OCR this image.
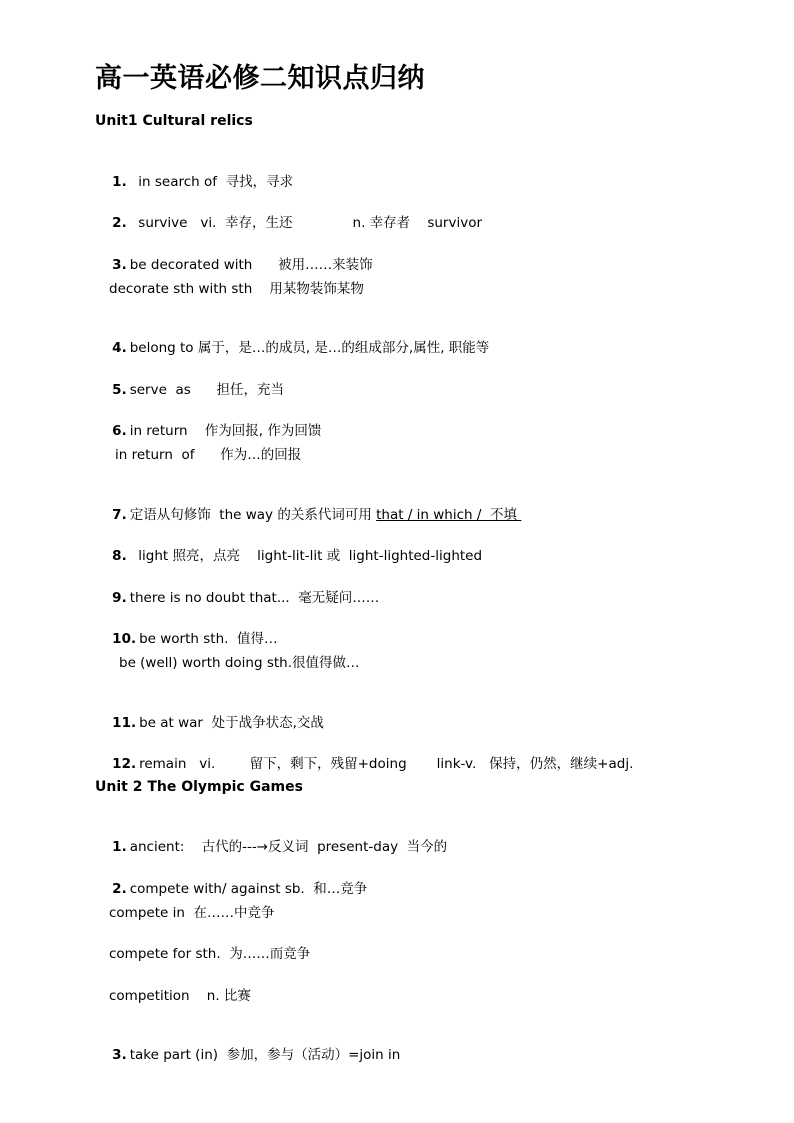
高一英语必修二知识点归纳
Unit1 Cultural relics

1.  in search of  寻找，寻求

2.  survive   vi.  幸存，生还              n. 幸存者    survivor

3. be decorated with      被用……来装饰

decorate sth with sth    用某物装饰某物

4. belong to 属于，是…的成员, 是…的组成部分,属性, 职能等

5. serve  as      担任，充当

6. in return    作为回报, 作为回馈

in return  of      作为…的回报

7. 定语从句修饰  the way 的关系代词可用 that / in which /  不填

8.  light 照亮，点亮    light-lit-lit 或  light-lighted-lighted

9. there is no doubt that...  毫无疑问……

10. be worth sth.  值得…

be (well) worth doing sth.很值得做…

11. be at war  处于战争状态,交战

12. remain   vi.        留下，剩下，残留+doing       link-v.   保持，仍然，继续+adj.

Unit 2 The Olympic Games

1. ancient:    古代的---→反义词  present-day  当今的

2. compete with/ against sb.  和…竞争

compete in  在……中竞争
compete for sth.  为……而竞争
competition    n. 比赛

3. take part (in)  参加，参与（活动）=join in
